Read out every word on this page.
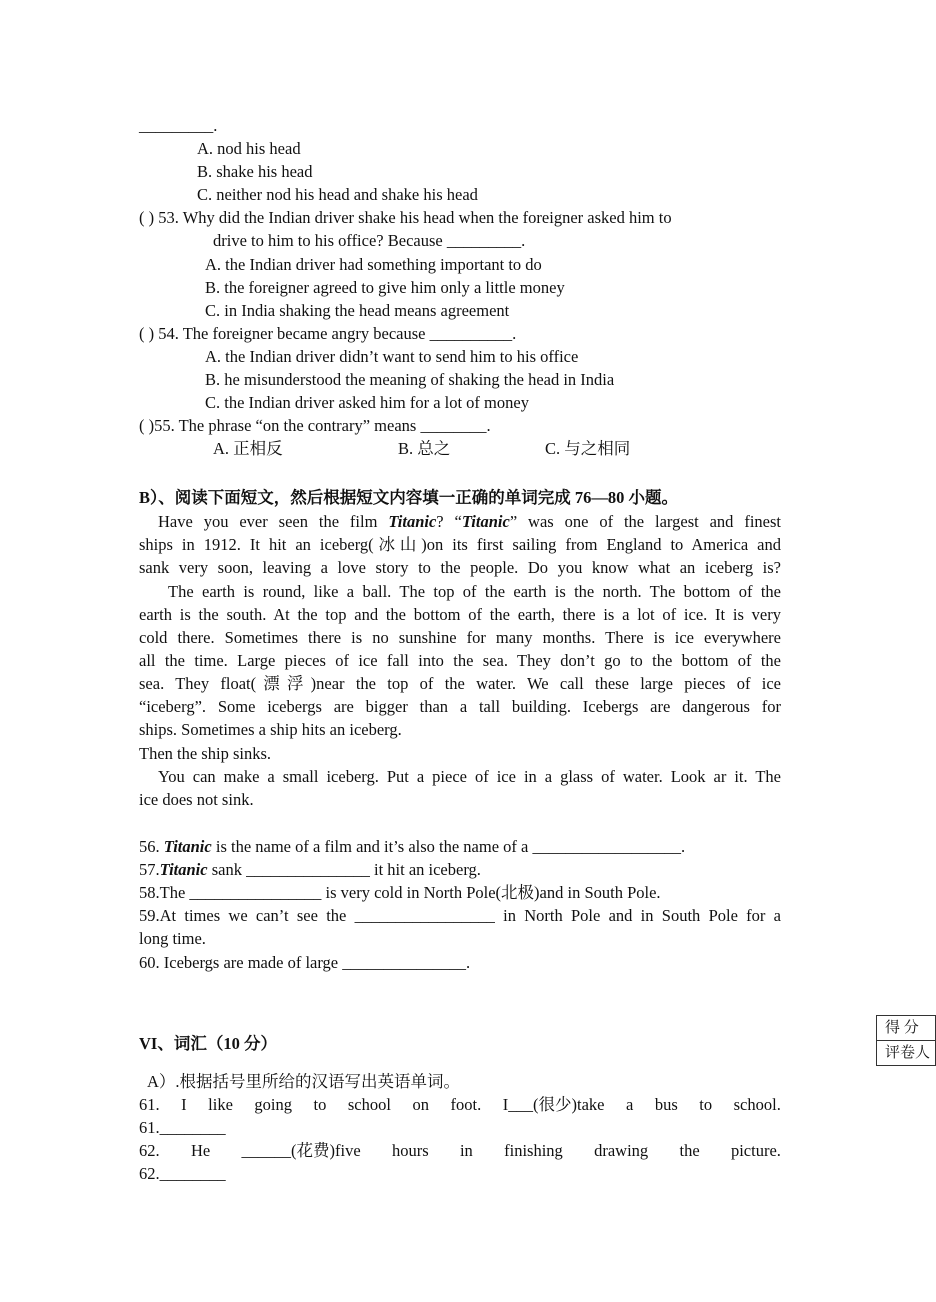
_________.
A. nod his head
B. shake his head
C. neither nod his head and shake his head
( ) 53. Why did the Indian driver shake his head when the foreigner asked him to
drive to him to his office? Because _________.
A. the Indian driver had something important to do
B. the foreigner agreed to give him only a little money
C. in India shaking the head means agreement
( ) 54. The foreigner became angry because __________.
A. the Indian driver didn’t want to send him to his office
B. he misunderstood the meaning of shaking the head in India
C. the Indian driver asked him for a lot of money
( )55. The phrase “on the contrary” means ________.
A. 正相反	B. 总之	C. 与之相同
B）、阅读下面短文，然后根据短文内容填一正确的单词完成 76—80 小题。
Have you ever seen the film Titanic? “Titanic” was one of the largest and finest
ships in 1912. It hit an iceberg(冰山)on its first sailing from England to America and
sank very soon, leaving a love story to the people. Do you know what an iceberg is?
The earth is round, like a ball. The top of the earth is the north. The bottom of the
earth is the south. At the top and the bottom of the earth, there is a lot of ice. It is very
cold there. Sometimes there is no sunshine for many months. There is ice everywhere
all the time. Large pieces of ice fall into the sea. They don’t go to the bottom of the
sea. They float(漂浮)near the top of the water. We call these large pieces of ice
“iceberg”. Some icebergs are bigger than a tall building. Icebergs are dangerous for
ships. Sometimes a ship hits an iceberg.
Then the ship sinks.
You can make a small iceberg. Put a piece of ice in a glass of water. Look ar it. The
ice does not sink.
56. Titanic is the name of a film and it’s also the name of a __________________.
57.Titanic sank _______________ it hit an iceberg.
58.The ________________ is very cold in North Pole(北极)and in South Pole.
59.At times we can’t see the _________________ in North Pole and in South Pole for a
long time.
60. Icebergs are made of large _______________.
VI、词汇（10 分）
得 分
评卷人
A）.根据括号里所给的汉语写出英语单词。
61. I like going to school on foot. I___(很少)take a bus to school.
61.________
62. He ______(花费)five hours in finishing drawing the picture.
62.________
